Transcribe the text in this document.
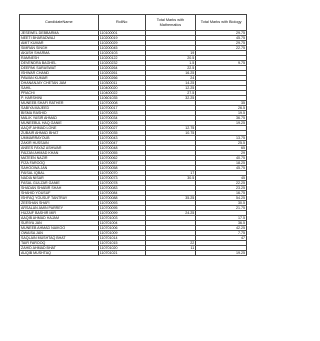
CandidateName	RollNo	Total Marks with Mathematics	Total Marks with Biology
JESEWEL DEBBARMA	110100001		29.75
NEETI BHARADWAJ	110200019		45.75
AMIT KUMAR	110200029		29.75
SIMRAN SINGH	110200045		22.75
AKASH SHARMA	110200103	19	
RAMNESH	110200122	20.5	
DEVENDRA BAGHEL	110200232	1.5	9.75
DEEPAK SARASWAT	110200264	22.5	
ISHWAR CHAND	110200261	16.25	
PAWAN KUMAR	110200266	24	
DHANANJAY CHETAN JAM	110300011	14.25	
SAHIL	110400020	12.25	
PRACHI	110400022	27.5	
P. HARSHINI	110601035	32.25	
MUNEEB SHAFI RATHER	110700008		35
SABIYA MAJEED	110700017		26.5
BISMA RASHID	110700033		19.5
MALIK YASIR AHMAD	110700034		36.75
MUNEEBUL HAQ GANIE	110700026		19.25
AAQIF AHMAD LONE	110700027	12.75	
ZUBAIR AHMAD BHAT	110700035	10.75	
UMMARRAYOUB	110700043		13.75
ZAKIR HUSSAIN	110700047		25.5
ANEES FAYAZ ASHWAR	110700048		65
FAIZAN AHMAD KHAN	110700055		29
MATEEN NAZIR	110700062		40.75
FIZA FAROOQ	110700057		18.25
SAHOOWA JAN	110700058		45.75
FAISAL IQBAL	110700070	17	
NADIA NISAR	110700073	30.5	45
FASAL GULZAR GANIE	110700078		22.25
SHADAN SHABIR SHAH	110700083		23.25
SHAHID YOUSUF	110700084		16.75
ISHFAQ YOUSUF TANTRAY	110700088	35.25	54.25
ZEESHAN SHAFI	110700093		30.5
ARSALAN AMIN PARREY	110700095		21.75
HUZAIF BASHIR MIR	110700099	24.25	
AAQIB AHMAD HAJAM	110701003		17.5
SURIYA JAN	110701004		36.5
MUNEEB AHMAD NAIKOO	110701006		42.25
OWAISA JAN	110701009		7.75
SAQLAIN MUSHTAQ BHAT	110701014		47
TAIR FAROOQ	110701015	22	
ZAHID AHMAD BHAT	110701020	11	
AUQIB MUSHTAQ	110701021		19.25
